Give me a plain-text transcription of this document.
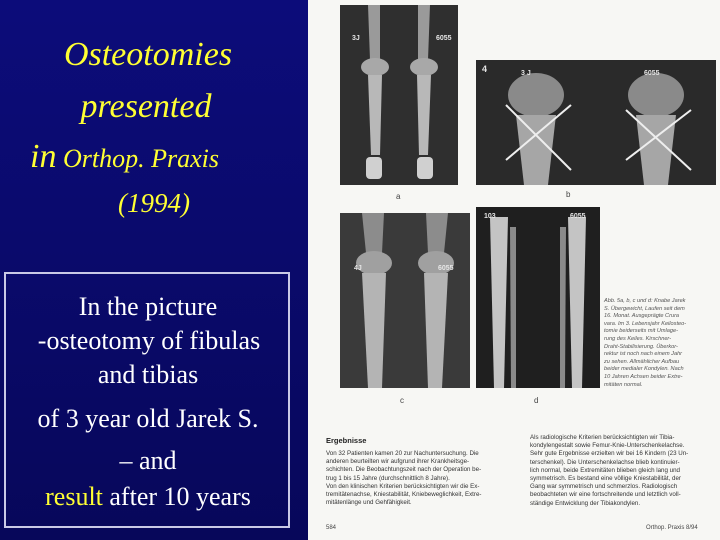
Osteotomies
presented
in Orthop. Praxis
(1994)
In the picture
-osteotomy of fibulas
and tibias
of 3 year old Jarek S.
– and
result after 10 years
3J	6055
a
4	3 J	6055
b
4J	6055
c
103	6055
d
Abb. 5a, b, c und d: Knabe Jarek
S. Übergewicht, Laufen seit dem
16. Monat. Ausgeprägte Crura
vara. Im 3. Lebensjahr Keilosteo-
tomie beiderseits mit Umlage-
rung des Keiles. Kirschner-
Draht-Stabilisierung. Überkor-
rektur ist noch nach einem Jahr
zu sehen. Allmählicher Aufbau
beider medialer Kondylen. Nach
10 Jahren Achsen beider Extre-
mitäten normal.
Ergebnisse
Von 32 Patienten kamen 20 zur Nachuntersuchung. Die
anderen beurteilten wir aufgrund ihrer Krankheitsge-
schichten. Die Beobachtungszeit nach der Operation be-
trug 1 bis 15 Jahre (durchschnittlich 8 Jahre).
Von den klinischen Kriterien berücksichtigten wir die Ex-
tremitätenachse, Kniestabilität, Kniebeweglichkeit, Extre-
mitätenlänge und Gehfähigkeit.
Als radiologische Kriterien berücksichtigten wir Tibia-
kondylengestalt sowie Femur-Knie-Unterschenkelachse.
Sehr gute Ergebnisse erzielten wir bei 16 Kindern (23 Un-
terschenkel). Die Unterschenkelachse blieb kontinuier-
lich normal, beide Extremitäten blieben gleich lang und
symmetrisch. Es bestand eine völlige Kniestabilität, der
Gang war symmetrisch und schmerzlos. Radiologisch
beobachteten wir eine fortschreitende und letztlich voll-
ständige Entwicklung der Tibiakondylen.
584	Orthop. Praxis 8/94
